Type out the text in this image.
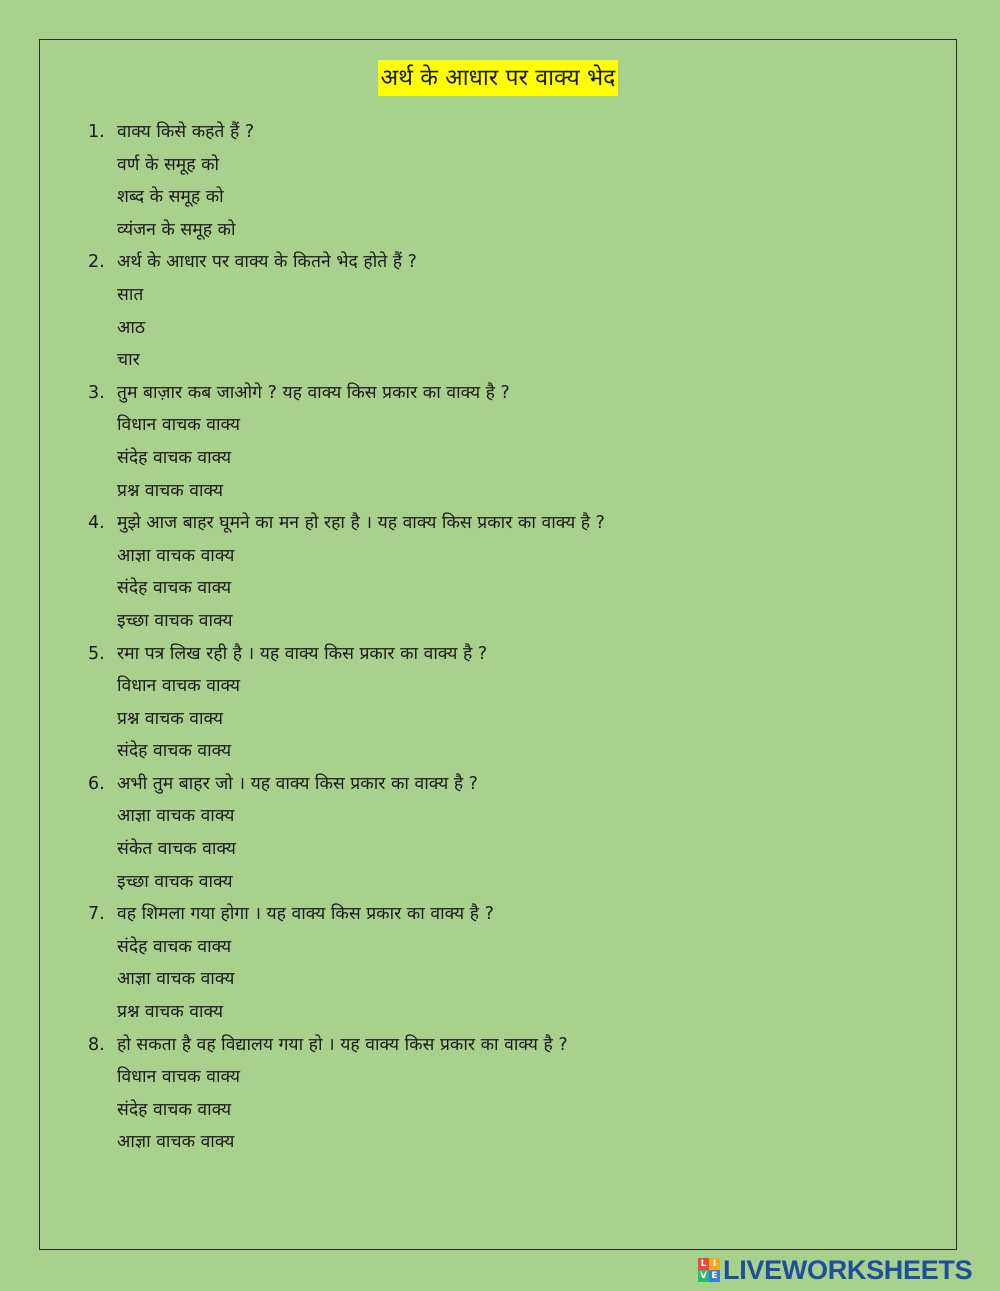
अर्थ के आधार पर वाक्य भेद
1. वाक्य किसे कहते हैं ?
वर्ण के समूह को
शब्द के समूह को
व्यंजन के समूह को
2. अर्थ के आधार पर वाक्य के कितने भेद होते हैं ?
सात
आठ
चार
3. तुम बाज़ार कब जाओगे ? यह वाक्य किस प्रकार का वाक्य है ?
विधान वाचक वाक्य
संदेह वाचक वाक्य
प्रश्न वाचक वाक्य
4. मुझे आज बाहर घूमने का मन हो रहा है । यह वाक्य किस प्रकार का वाक्य है ?
आज्ञा वाचक वाक्य
संदेह वाचक वाक्य
इच्छा वाचक वाक्य
5. रमा पत्र लिख रही है । यह वाक्य किस प्रकार का वाक्य है ?
विधान वाचक वाक्य
प्रश्न वाचक वाक्य
संदेह वाचक वाक्य
6. अभी तुम बाहर जो । यह वाक्य किस प्रकार का वाक्य है ?
आज्ञा वाचक वाक्य
संकेत वाचक वाक्य
इच्छा वाचक वाक्य
7. वह शिमला गया होगा । यह वाक्य किस प्रकार का वाक्य है ?
संदेह वाचक वाक्य
आज्ञा वाचक वाक्य
प्रश्न वाचक वाक्य
8. हो सकता है वह विद्यालय गया हो । यह वाक्य किस प्रकार का वाक्य है ?
विधान वाचक वाक्य
संदेह वाचक वाक्य
आज्ञा वाचक वाक्य
L I
V E LIVEWORKSHEETS
